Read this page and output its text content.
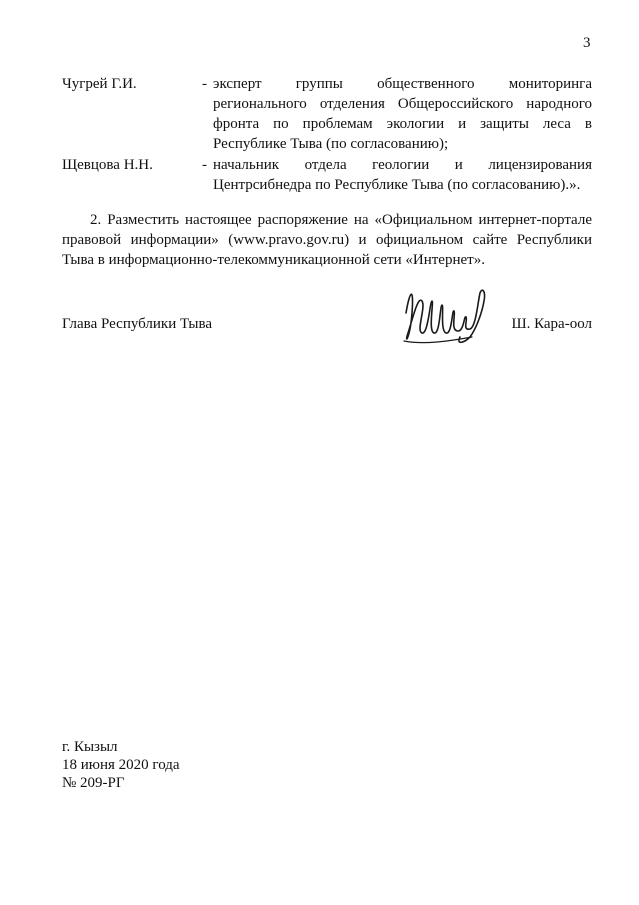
3
Чугрей Г.И.	- эксперт группы общественного мониторинга регионального отделения Общероссийского народного фронта по проблемам экологии и защиты леса в Республике Тыва (по согласованию);
Щевцова Н.Н.	- начальник отдела геологии и лицензирования Центрсибнедра по Республике Тыва (по согласованию).».
2. Разместить настоящее распоряжение на «Официальном интернет-портале правовой информации» (www.pravo.gov.ru) и официальном сайте Республики Тыва в информационно-телекоммуникационной сети «Интернет».
Глава Республики Тыва	Ш. Кара-оол
г. Кызыл
18 июня 2020 года
№ 209-РГ
